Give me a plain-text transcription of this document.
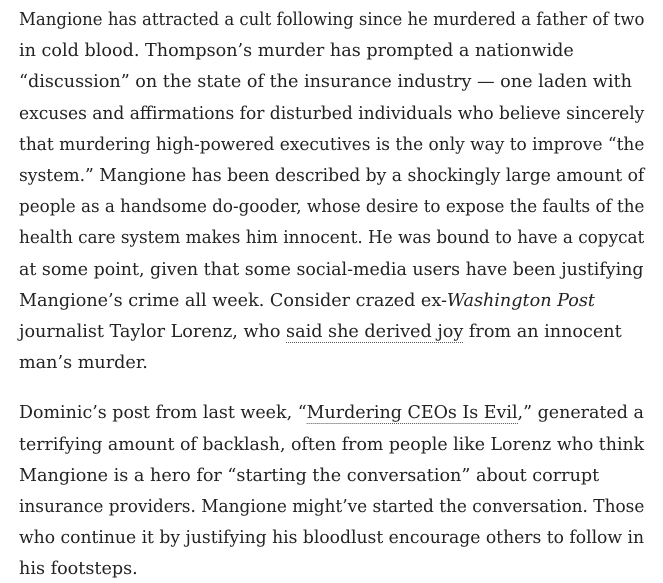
Mangione has attracted a cult following since he murdered a father of two
in cold blood. Thompson’s murder has prompted a nationwide
“discussion” on the state of the insurance industry — one laden with
excuses and affirmations for disturbed individuals who believe sincerely
that murdering high-powered executives is the only way to improve “the
system.” Mangione has been described by a shockingly large amount of
people as a handsome do-gooder, whose desire to expose the faults of the
health care system makes him innocent. He was bound to have a copycat
at some point, given that some social-media users have been justifying
Mangione’s crime all week. Consider crazed ex-Washington Post
journalist Taylor Lorenz, who said she derived joy from an innocent
man’s murder.
Dominic’s post from last week, “Murdering CEOs Is Evil,” generated a
terrifying amount of backlash, often from people like Lorenz who think
Mangione is a hero for “starting the conversation” about corrupt
insurance providers. Mangione might’ve started the conversation. Those
who continue it by justifying his bloodlust encourage others to follow in
his footsteps.
